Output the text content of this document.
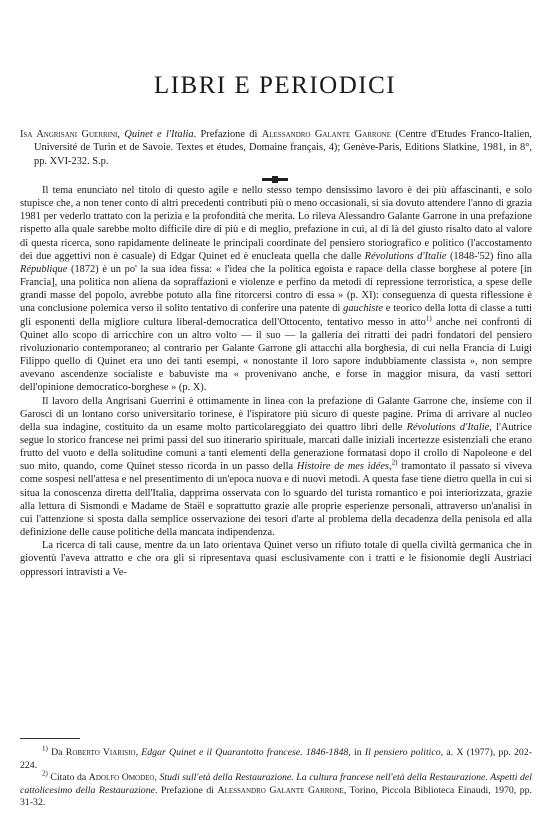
LIBRI E PERIODICI

Isa Angrisani Guerrini, Quinet e l'Italia. Prefazione di Alessandro Galante Garrone (Centre d'Etudes Franco-Italien, Université de Turin et de Savoie. Textes et études, Domaine français, 4); Genève-Paris, Editions Slatkine, 1981, in 8°, pp. XVI-232. S.p.

Il tema enunciato nel titolo di questo agile e nello stesso tempo densissimo lavoro è dei più affascinanti, e solo stupisce che, a non tener conto di altri precedenti contributi più o meno occasionali, si sia dovuto attendere l'anno di grazia 1981 per vederlo trattato con la perizia e la profondità che merita. Lo rileva Alessandro Galante Garrone in una prefazione rispetto alla quale sarebbe molto difficile dire di più e di meglio, prefazione in cui, al di là del giusto risalto dato al valore di questa ricerca, sono rapidamente delineate le principali coordinate del pensiero storiografico e politico (l'accostamento dei due aggettivi non è casuale) di Edgar Quinet ed è enucleata quella che dalle Révolutions d'Italie (1848-'52) fino alla République (1872) è un po' la sua idea fissa: « l'idea che la politica egoista e rapace della classe borghese al potere [in Francia], una politica non aliena da sopraffazioni e violenze e perfino da metodi di repressione terroristica, a spese delle grandi masse del popolo, avrebbe potuto alla fine ritorcersi contro di essa » (p. XI): conseguenza di questa riflessione è una conclusione polemica verso il solito tentativo di conferire una patente di gauchiste e teorico della lotta di classe a tutti gli esponenti della migliore cultura liberal-democratica dell'Ottocento, tentativo messo in atto$^{1)}$ anche nei confronti di Quinet allo scopo di arricchire con un altro volto — il suo — la galleria dei ritratti dei padri fondatori del pensiero rivoluzionario contemporaneo; al contrario per Galante Garrone gli attacchi alla borghesia, di cui nella Francia di Luigi Filippo quello di Quinet era uno dei tanti esempi, « nonostante il loro sapore indubbiamente classista », non sempre avevano ascendenze socialiste e babuviste ma « provenivano anche, e forse in maggior misura, da vasti settori dell'opinione democratico-borghese » (p. X).

Il lavoro della Angrisani Guerrini è ottimamente in linea con la prefazione di Galante Garrone che, insieme con il Garosci di un lontano corso universitario torinese, è l'ispiratore più sicuro di queste pagine. Prima di arrivare al nucleo della sua indagine, costituito da un esame molto particolareggiato dei quattro libri delle Révolutions d'Italie, l'Autrice segue lo storico francese nei primi passi del suo itinerario spirituale, marcati dalle iniziali incertezze esistenziali che erano frutto del vuoto e della solitudine comuni a tanti elementi della generazione formatasi dopo il crollo di Napoleone e del suo mito, quando, come Quinet stesso ricorda in un passo della Histoire de mes idées,$^{2)}$ tramontato il passato si viveva come sospesi nell'attesa e nel presentimento di un'epoca nuova e di nuovi metodi. A questa fase tiene dietro quella in cui si situa la conoscenza diretta dell'Italia, dapprima osservata con lo sguardo del turista romantico e poi interiorizzata, grazie alla lettura di Sismondi e Madame de Staël e soprattutto grazie alle proprie esperienze personali, attraverso un'analisi in cui l'attenzione si sposta dalla semplice osservazione dei tesori d'arte al problema della decadenza della penisola ed alla definizione delle cause politiche della mancata indipendenza.

La ricerca di tali cause, mentre da un lato orientava Quinet verso un rifiuto totale di quella civiltà germanica che in gioventù l'aveva attratto e che ora gli si ripresentava quasi esclusivamente con i tratti e le fisionomie degli Austriaci oppressori intravisti a Ve-

$^{1)}$ Da Roberto Viarisio, Edgar Quinet e il Quarantotto francese. 1846-1848, in Il pensiero politico, a. X (1977), pp. 202-224.

$^{2)}$ Citato da Adolfo Omodeo, Studi sull'età della Restaurazione. La cultura francese nell'età della Restaurazione. Aspetti del cattolicesimo della Restaurazione. Prefazione di Alessandro Galante Garrone, Torino, Piccola Biblioteca Einaudi, 1970, pp. 31-32.
